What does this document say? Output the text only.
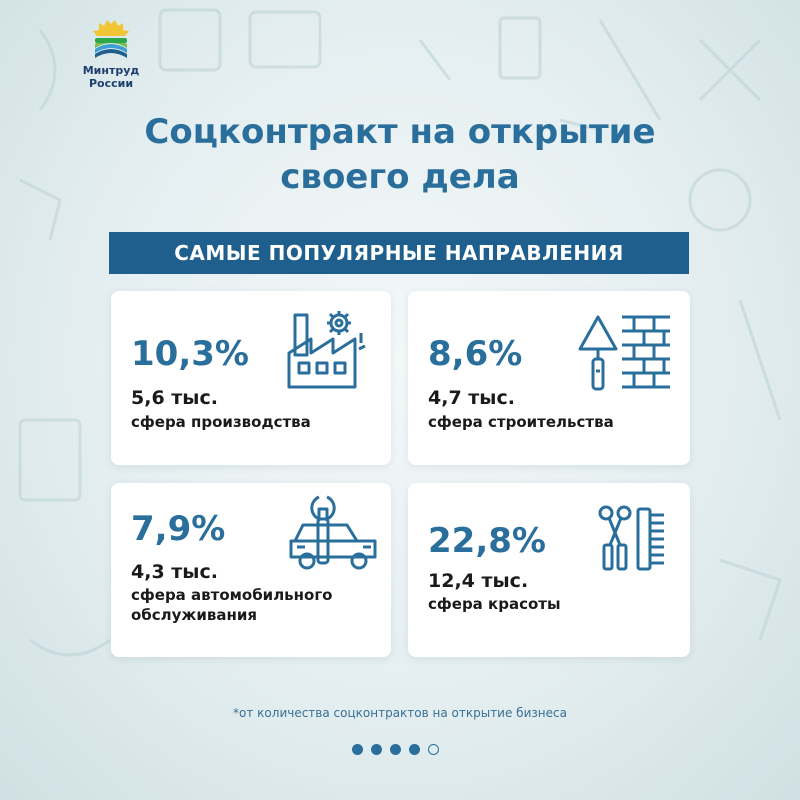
Минтруд
России
Соцконтракт на открытие
своего дела
САМЫЕ ПОПУЛЯРНЫЕ НАПРАВЛЕНИЯ
10,3%
5,6 тыс.
сфера производства
8,6%
4,7 тыс.
сфера строительства
7,9%
4,3 тыс.
сфера автомобильного
обслуживания
22,8%
12,4 тыс.
сфера красоты
*от количества соцконтрактов на открытие бизнеса
